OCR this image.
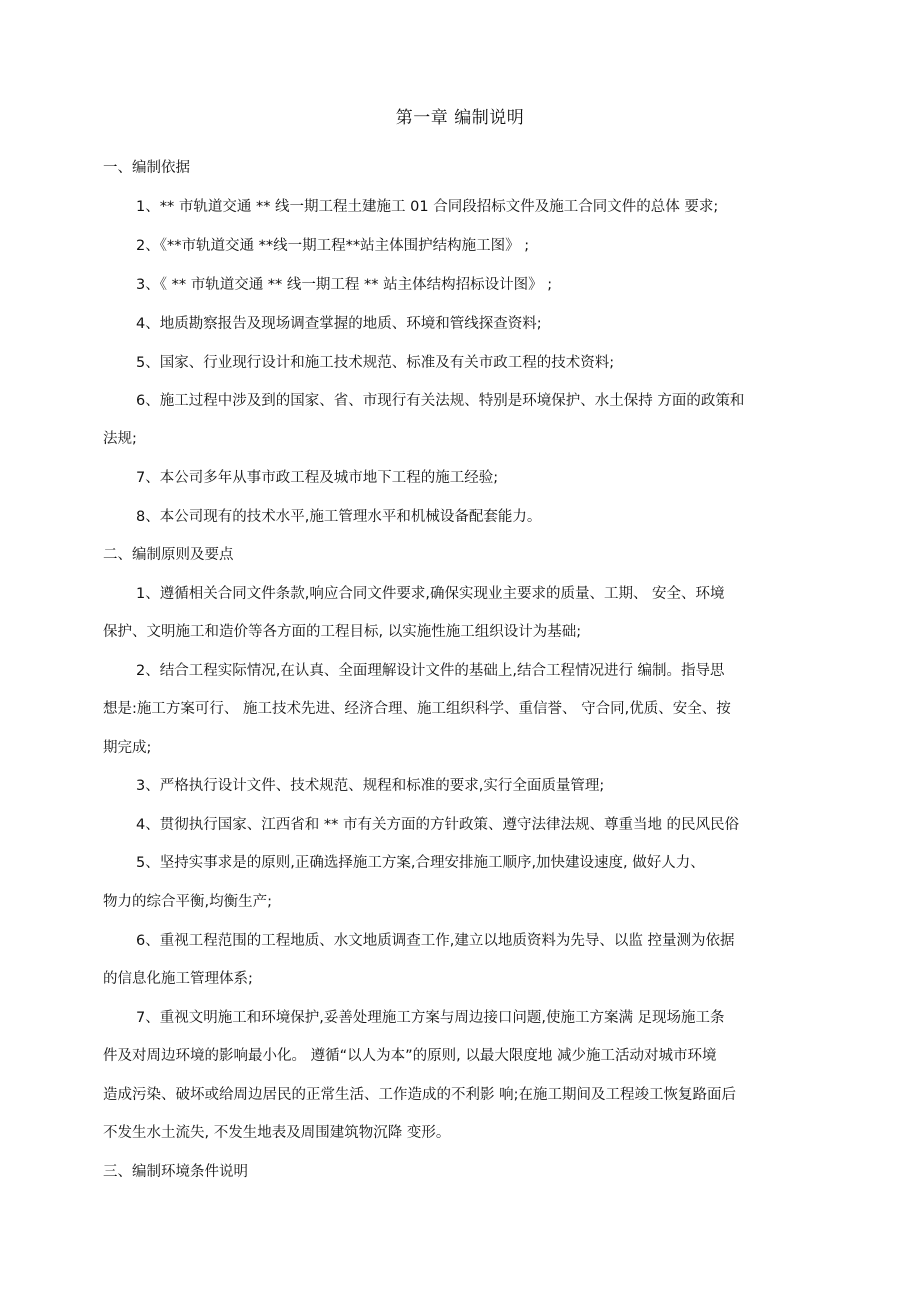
第一章 编制说明
一、编制依据
1、** 市轨道交通 ** 线一期工程土建施工 01 合同段招标文件及施工合同文件的总体 要求;
2、《**市轨道交通 **线一期工程**站主体围护结构施工图》 ;
3、《 ** 市轨道交通 ** 线一期工程 ** 站主体结构招标设计图》 ;
4、地质勘察报告及现场调查掌握的地质、环境和管线探查资料;
5、国家、行业现行设计和施工技术规范、标准及有关市政工程的技术资料;
6、施工过程中涉及到的国家、省、市现行有关法规、特别是环境保护、水土保持 方面的政策和
法规;
7、本公司多年从事市政工程及城市地下工程的施工经验;
8、本公司现有的技术水平,施工管理水平和机械设备配套能力。
二、编制原则及要点
1、遵循相关合同文件条款,响应合同文件要求,确保实现业主要求的质量、工期、 安全、环境
保护、文明施工和造价等各方面的工程目标, 以实施性施工组织设计为基础;
2、结合工程实际情况,在认真、全面理解设计文件的基础上,结合工程情况进行 编制。指导思
想是:施工方案可行、 施工技术先进、经济合理、施工组织科学、重信誉、 守合同,优质、安全、按
期完成;
3、严格执行设计文件、技术规范、规程和标准的要求,实行全面质量管理;
4、贯彻执行国家、江西省和 ** 市有关方面的方针政策、遵守法律法规、尊重当地 的民风民俗
5、坚持实事求是的原则,正确选择施工方案,合理安排施工顺序,加快建设速度, 做好人力、
物力的综合平衡,均衡生产;
6、重视工程范围的工程地质、水文地质调查工作,建立以地质资料为先导、以监 控量测为依据
的信息化施工管理体系;
7、重视文明施工和环境保护,妥善处理施工方案与周边接口问题,使施工方案满 足现场施工条
件及对周边环境的影响最小化。 遵循“以人为本”的原则, 以最大限度地 减少施工活动对城市环境
造成污染、破坏或给周边居民的正常生活、工作造成的不利影 响;在施工期间及工程竣工恢复路面后
不发生水土流失, 不发生地表及周围建筑物沉降 变形。
三、编制环境条件说明
